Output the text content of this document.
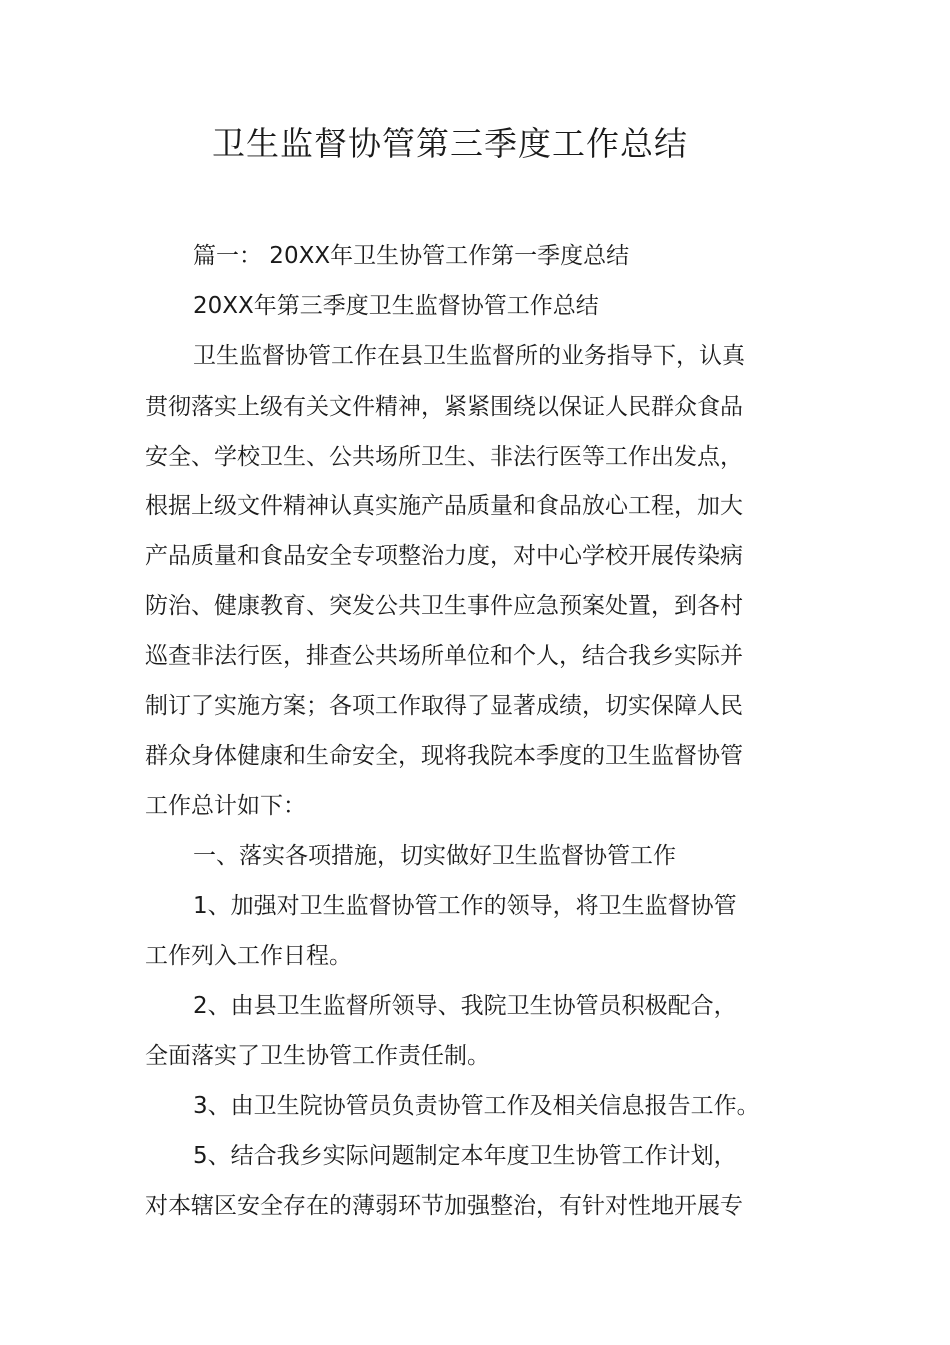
卫生监督协管第三季度工作总结

篇一： 20XX年卫生协管工作第一季度总结

20XX年第三季度卫生监督协管工作总结

卫生监督协管工作在县卫生监督所的业务指导下，认真

贯彻落实上级有关文件精神，紧紧围绕以保证人民群众食品

安全、学校卫生、公共场所卫生、非法行医等工作出发点，

根据上级文件精神认真实施产品质量和食品放心工程，加大

产品质量和食品安全专项整治力度，对中心学校开展传染病

防治、健康教育、突发公共卫生事件应急预案处置，到各村

巡查非法行医，排查公共场所单位和个人，结合我乡实际并

制订了实施方案；各项工作取得了显著成绩，切实保障人民

群众身体健康和生命安全，现将我院本季度的卫生监督协管

工作总计如下：

一、落实各项措施，切实做好卫生监督协管工作

1、加强对卫生监督协管工作的领导，将卫生监督协管

工作列入工作日程。

2、由县卫生监督所领导、我院卫生协管员积极配合，

全面落实了卫生协管工作责任制。

3、由卫生院协管员负责协管工作及相关信息报告工作。

5、结合我乡实际问题制定本年度卫生协管工作计划，

对本辖区安全存在的薄弱环节加强整治，有针对性地开展专
